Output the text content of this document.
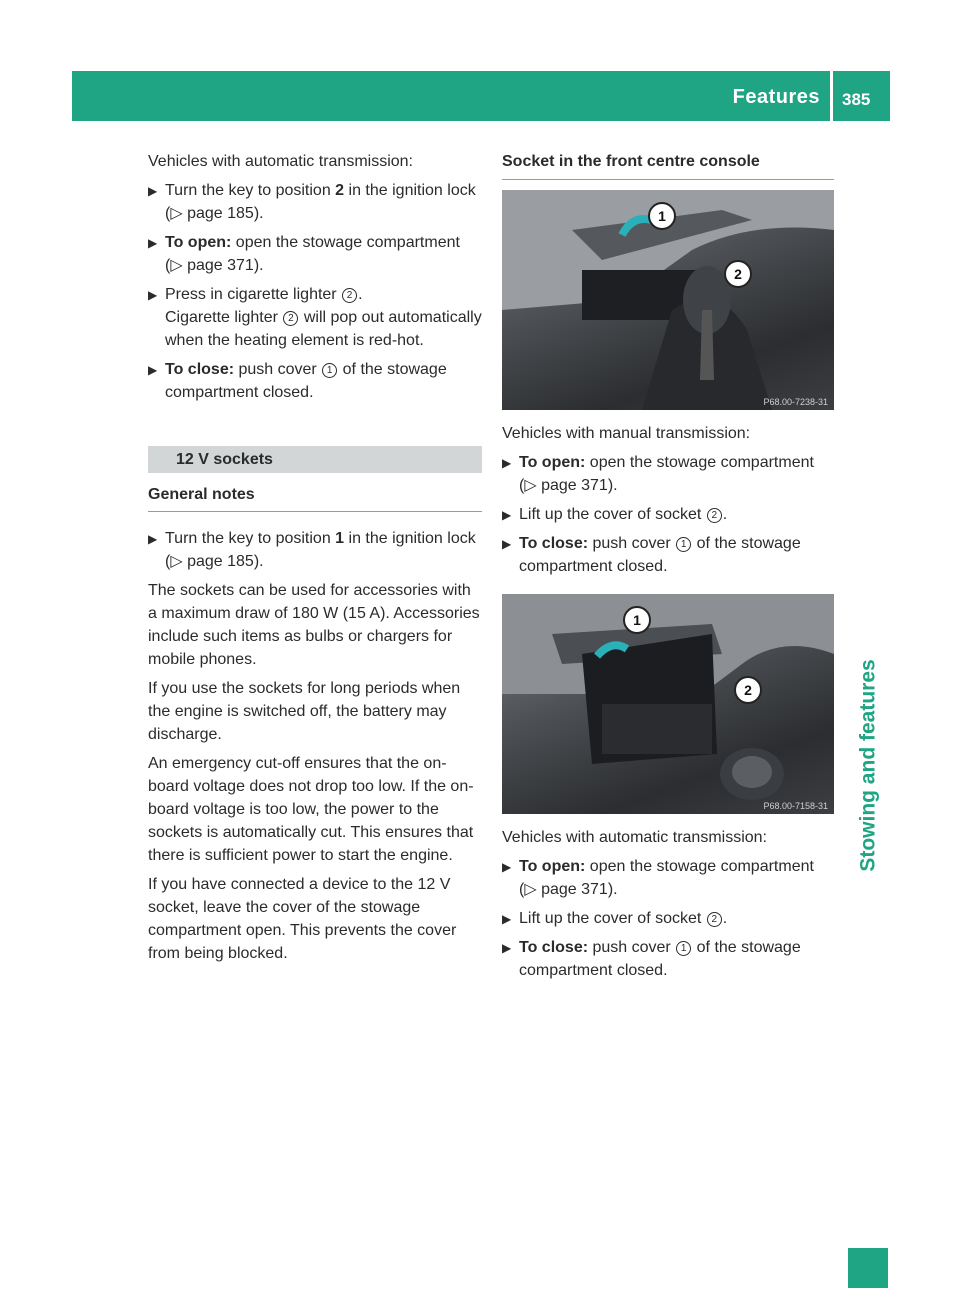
Features 385
Stowing and features

Vehicles with automatic transmission:

▶ Turn the key to position 2 in the ignition lock (▷ page 185).
▶ To open: open the stowage compartment (▷ page 371).
▶ Press in cigarette lighter 2 .
Cigarette lighter 2 will pop out automatically when the heating element is red-hot.
▶ To close: push cover 1 of the stowage compartment closed.
12 V sockets
General notes
▶ Turn the key to position 1 in the ignition lock (▷ page 185).

The sockets can be used for accessories with a maximum draw of 180 W (15 A). Accessories include such items as bulbs or chargers for mobile phones.

If you use the sockets for long periods when the engine is switched off, the battery may discharge.

An emergency cut-off ensures that the on-board voltage does not drop too low. If the on-board voltage is too low, the power to the sockets is automatically cut. This ensures that there is sufficient power to start the engine.

If you have connected a device to the 12 V socket, leave the cover of the stowage compartment open. This prevents the cover from being blocked.

Socket in the front centre console
1
2
P68.00-7238-31

Vehicles with manual transmission:

▶ To open: open the stowage compartment (▷ page 371).
▶ Lift up the cover of socket 2 .
▶ To close: push cover 1 of the stowage compartment closed.
1
2
P68.00-7158-31

Vehicles with automatic transmission:

▶ To open: open the stowage compartment (▷ page 371).
▶ Lift up the cover of socket 2 .
▶ To close: push cover 1 of the stowage compartment closed.
